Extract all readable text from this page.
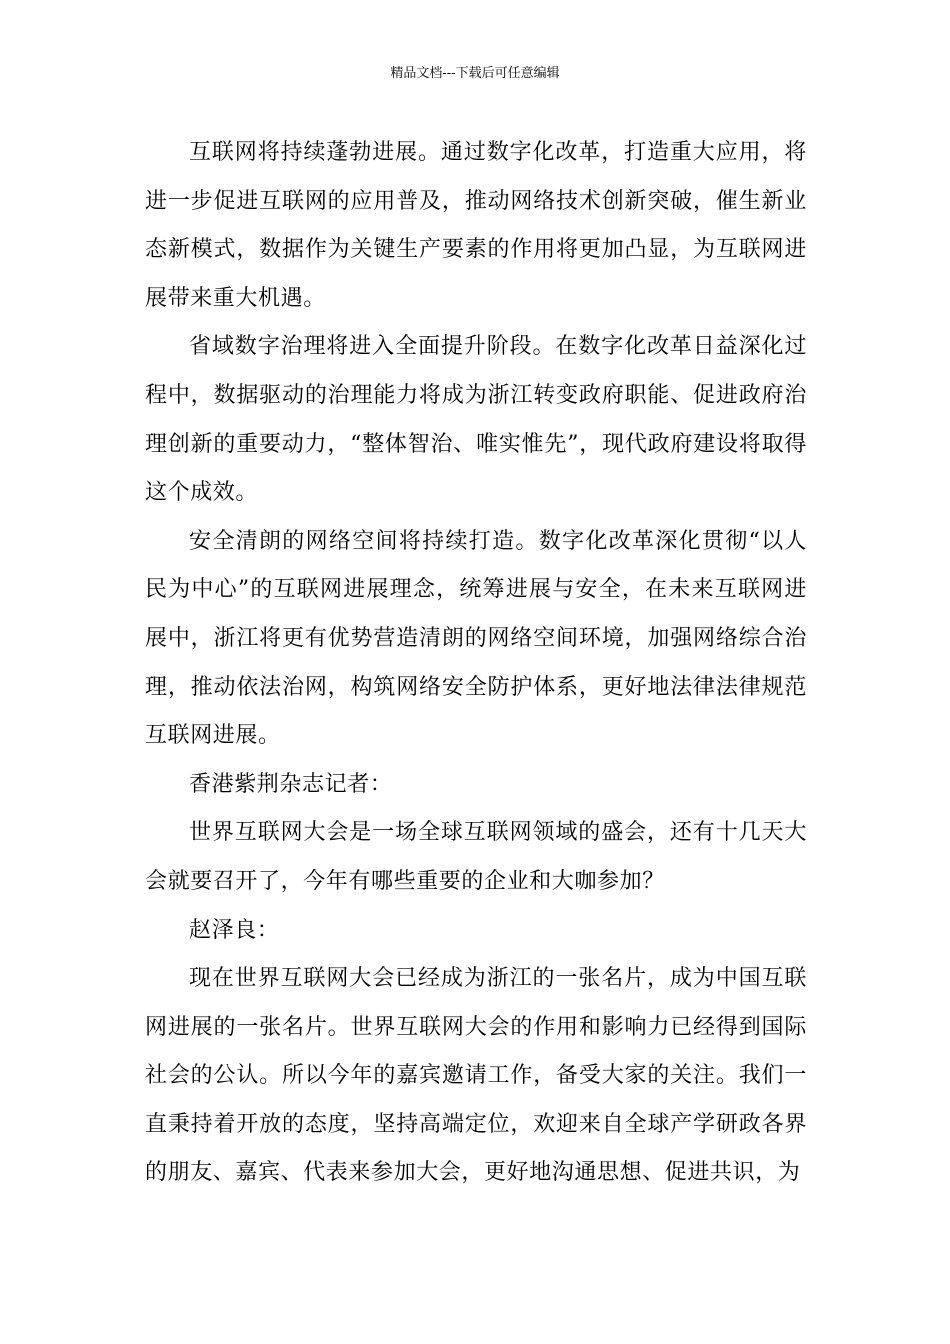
精品文档---下载后可任意编辑

互联网将持续蓬勃进展。通过数字化改革，打造重大应用，将进一步促进互联网的应用普及，推动网络技术创新突破，催生新业态新模式，数据作为关键生产要素的作用将更加凸显，为互联网进展带来重大机遇。

省域数字治理将进入全面提升阶段。在数字化改革日益深化过程中，数据驱动的治理能力将成为浙江转变政府职能、促进政府治理创新的重要动力，“整体智治、唯实惟先”，现代政府建设将取得这个成效。

安全清朗的网络空间将持续打造。数字化改革深化贯彻“以人民为中心”的互联网进展理念，统筹进展与安全，在未来互联网进展中，浙江将更有优势营造清朗的网络空间环境，加强网络综合治理，推动依法治网，构筑网络安全防护体系，更好地法律法律规范互联网进展。

香港紫荆杂志记者：

世界互联网大会是一场全球互联网领域的盛会，还有十几天大会就要召开了，今年有哪些重要的企业和大咖参加？

赵泽良：

现在世界互联网大会已经成为浙江的一张名片，成为中国互联网进展的一张名片。世界互联网大会的作用和影响力已经得到国际社会的公认。所以今年的嘉宾邀请工作，备受大家的关注。我们一直秉持着开放的态度，坚持高端定位，欢迎来自全球产学研政各界的朋友、嘉宾、代表来参加大会，更好地沟通思想、促进共识，为
